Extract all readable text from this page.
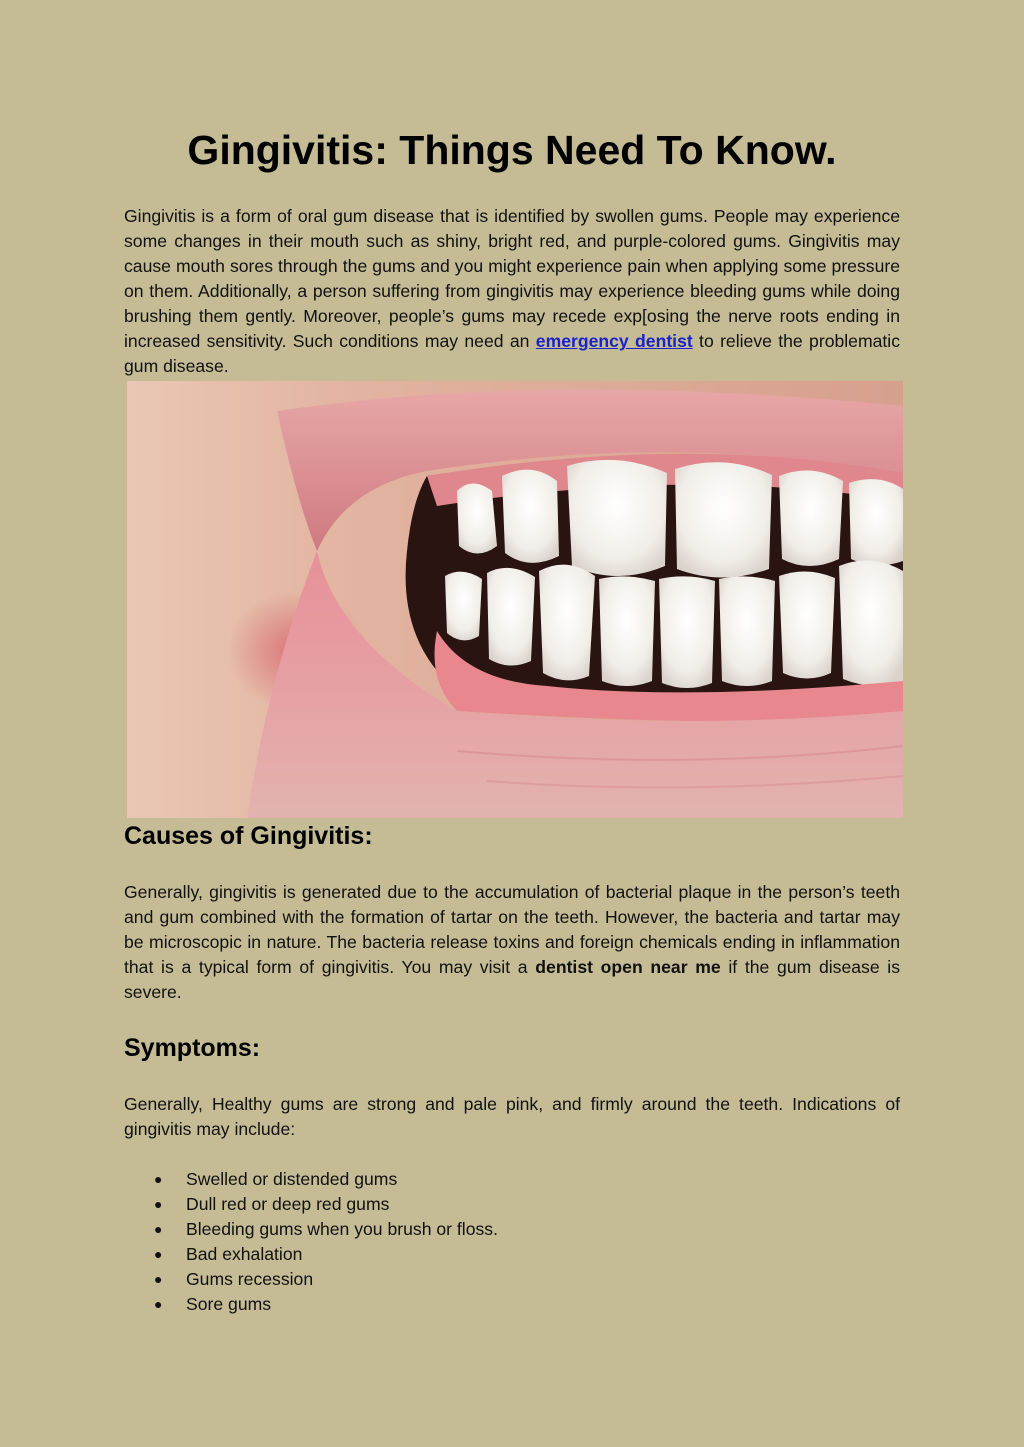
Gingivitis: Things Need To Know.

Gingivitis is a form of oral gum disease that is identified by swollen gums. People may experience some changes in their mouth such as shiny, bright red, and purple-colored gums. Gingivitis may cause mouth sores through the gums and you might experience pain when applying some pressure on them. Additionally, a person suffering from gingivitis may experience bleeding gums while doing brushing them gently. Moreover, people’s gums may recede exp[osing the nerve roots ending in increased sensitivity. Such conditions may need an emergency dentist to relieve the problematic gum disease.

Causes of Gingivitis:

Generally, gingivitis is generated due to the accumulation of bacterial plaque in the person’s teeth and gum combined with the formation of tartar on the teeth. However, the bacteria and tartar may be microscopic in nature. The bacteria release toxins and foreign chemicals ending in inflammation that is a typical form of gingivitis. You may visit a dentist open near me if the gum disease is severe.

Symptoms:

Generally, Healthy gums are strong and pale pink, and firmly around the teeth. Indications of gingivitis may include:

● Swelled or distended gums
● Dull red or deep red gums
● Bleeding gums when you brush or floss.
● Bad exhalation
● Gums recession
● Sore gums
